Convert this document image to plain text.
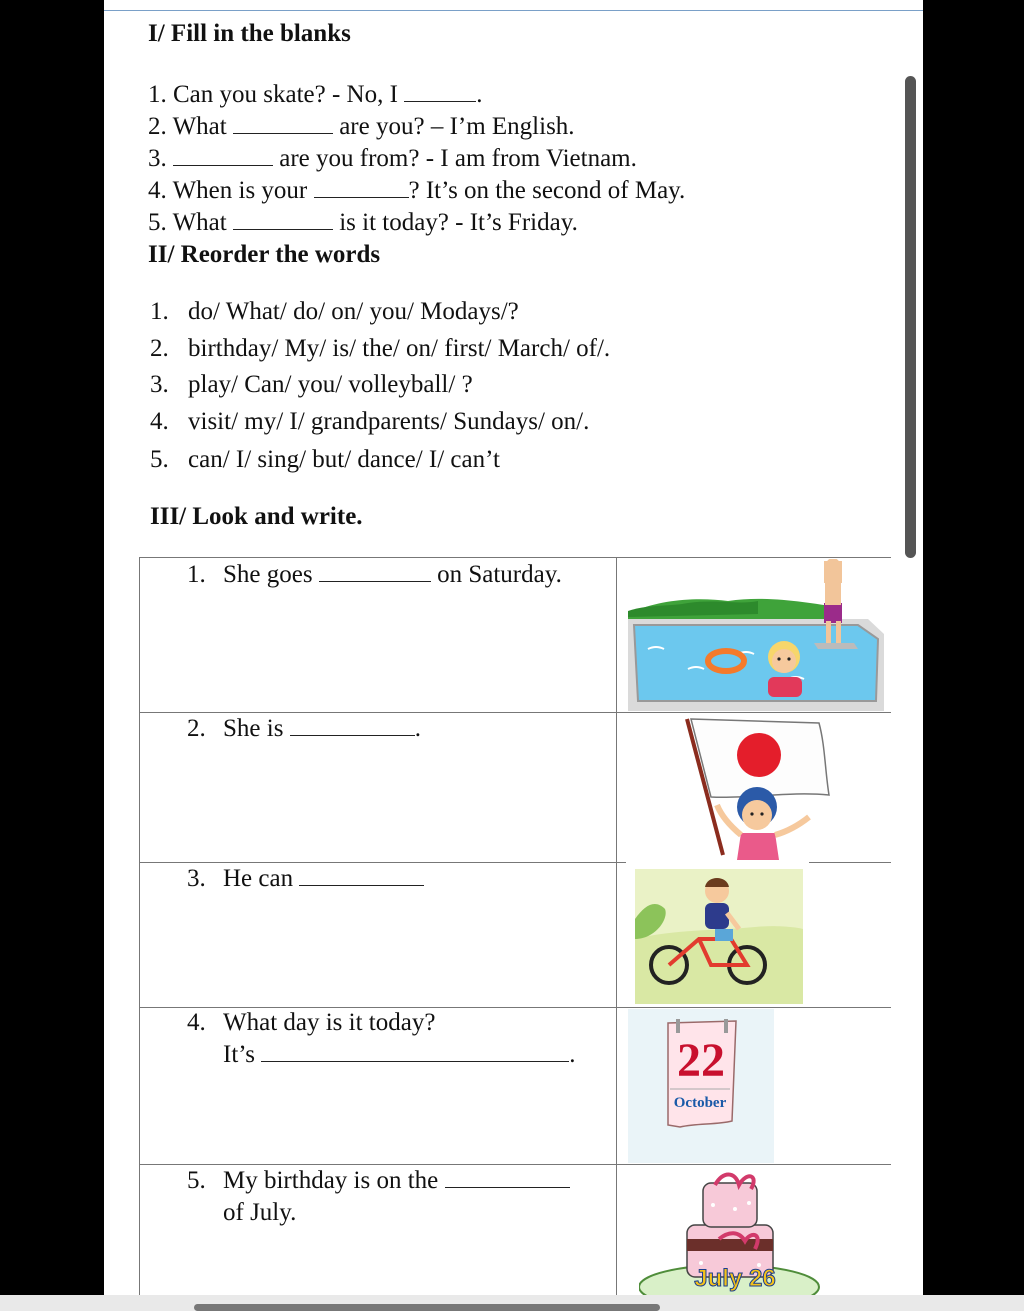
I/ Fill in the blanks
1. Can you skate? - No, I	.
2. What	are you? – I’m English.
3.	are you from? - I am from Vietnam.
4. When is your	? It’s on the second of May.
5. What	is it today? - It’s Friday.
II/ Reorder the words
1. do/ What/ do/ on/ you/ Modays/?
2. birthday/ My/ is/ the/ on/ first/ March/ of/.
3. play/ Can/ you/ volleyball/ ?
4. visit/ my/ I/ grandparents/ Sundays/ on/.
5. can/ I/ sing/ but/ dance/ I/ can’t
III/ Look and write.
1. She goes	on Saturday.
2. She is	.
3. He can
4. What day is it today?
It’s	.
5. My birthday is on the
of July.
22
October
July 26
